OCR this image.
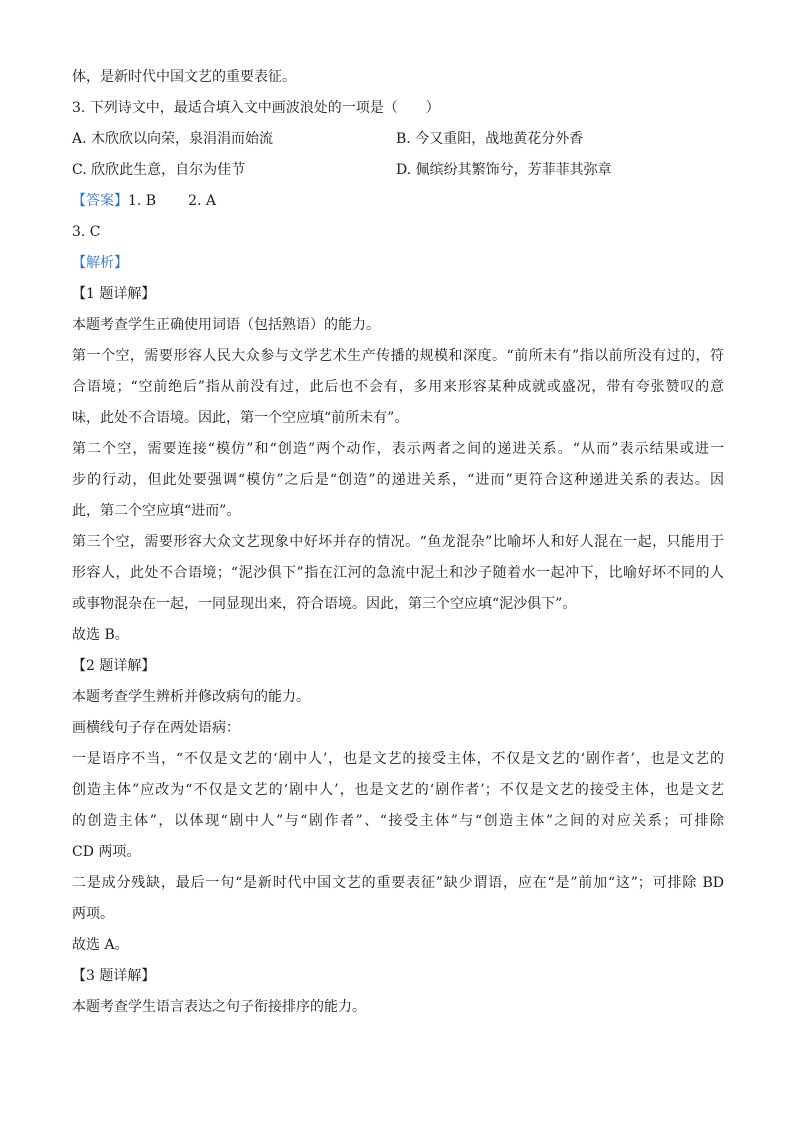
体，是新时代中国文艺的重要表征。
3. 下列诗文中，最适合填入文中画波浪处的一项是（　　）
A. 木欣欣以向荣，泉涓涓而始流	B. 今又重阳，战地黄花分外香
C. 欣欣此生意，自尔为佳节	D. 佩缤纷其繁饰兮，芳菲菲其弥章
【答案】1. B 2. A
3. C
【解析】
【1 题详解】
本题考查学生正确使用词语（包括熟语）的能力。
第一个空，需要形容人民大众参与文学艺术生产传播的规模和深度。“前所未有”指以前所没有过的，符
合语境；“空前绝后”指从前没有过，此后也不会有，多用来形容某种成就或盛况，带有夸张赞叹的意
味，此处不合语境。因此，第一个空应填“前所未有”。
第二个空，需要连接“模仿”和“创造”两个动作，表示两者之间的递进关系。“从而”表示结果或进一
步的行动，但此处要强调“模仿”之后是“创造”的递进关系，“进而”更符合这种递进关系的表达。因
此，第二个空应填“进而”。
第三个空，需要形容大众文艺现象中好坏并存的情况。“鱼龙混杂”比喻坏人和好人混在一起，只能用于
形容人，此处不合语境；“泥沙俱下”指在江河的急流中泥土和沙子随着水一起冲下，比喻好坏不同的人
或事物混杂在一起，一同显现出来，符合语境。因此，第三个空应填“泥沙俱下”。
故选 B。
【2 题详解】
本题考查学生辨析并修改病句的能力。
画横线句子存在两处语病：
一是语序不当，“不仅是文艺的‘剧中人’，也是文艺的接受主体，不仅是文艺的‘剧作者’，也是文艺的
创造主体”应改为“不仅是文艺的‘剧中人’，也是文艺的‘剧作者’；不仅是文艺的接受主体，也是文艺
的创造主体”，以体现“剧中人”与“剧作者”、“接受主体”与“创造主体”之间的对应关系；可排除
CD 两项。
二是成分残缺，最后一句“是新时代中国文艺的重要表征”缺少谓语，应在“是”前加“这”；可排除 BD
两项。
故选 A。
【3 题详解】
本题考查学生语言表达之句子衔接排序的能力。
